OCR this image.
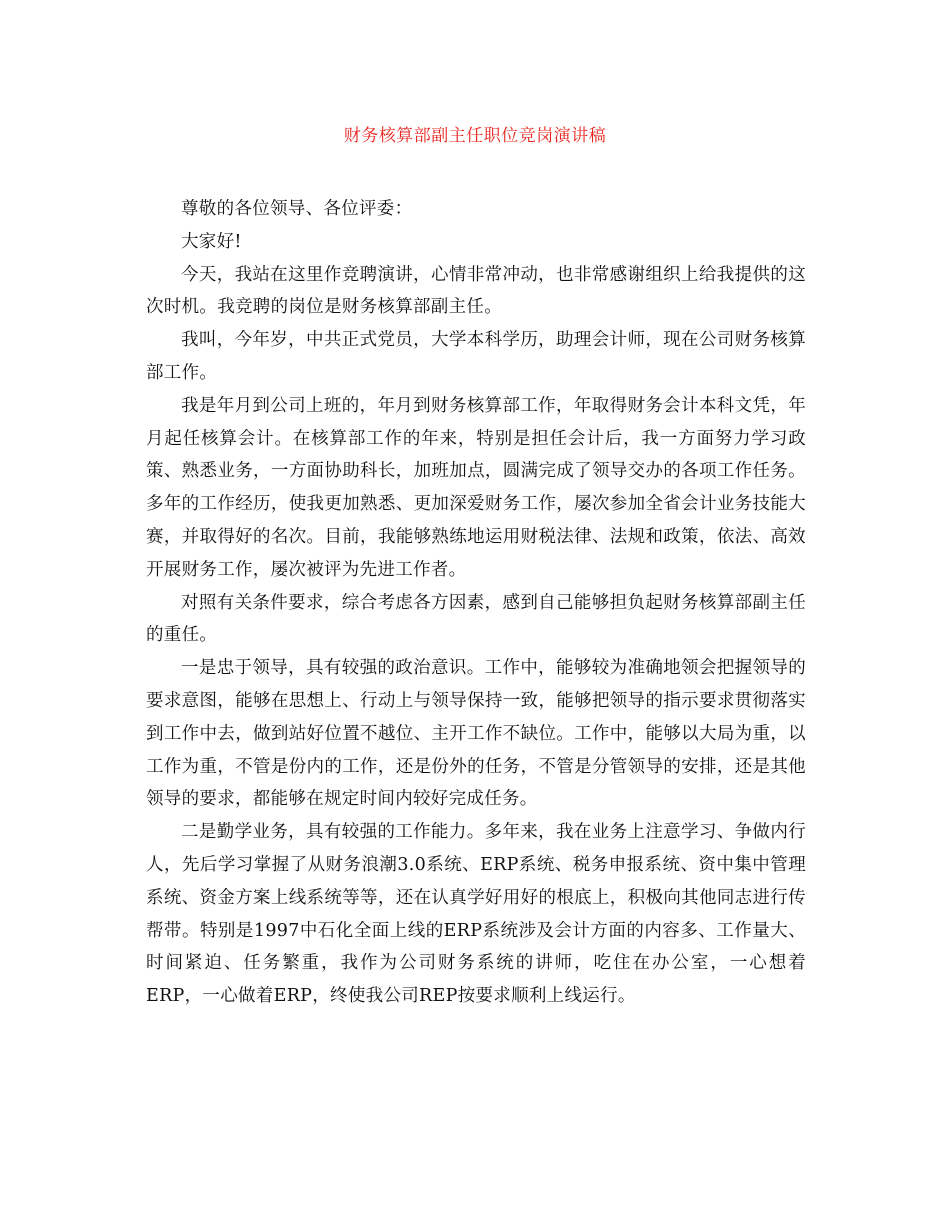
财务核算部副主任职位竞岗演讲稿

尊敬的各位领导、各位评委：

大家好!

今天，我站在这里作竞聘演讲，心情非常冲动，也非常感谢组织上给我提供的这次时机。我竞聘的岗位是财务核算部副主任。

我叫，今年岁，中共正式党员，大学本科学历，助理会计师，现在公司财务核算部工作。

我是年月到公司上班的，年月到财务核算部工作，年取得财务会计本科文凭，年月起任核算会计。在核算部工作的年来，特别是担任会计后，我一方面努力学习政策、熟悉业务，一方面协助科长，加班加点，圆满完成了领导交办的各项工作任务。多年的工作经历，使我更加熟悉、更加深爱财务工作，屡次参加全省会计业务技能大赛，并取得好的名次。目前，我能够熟练地运用财税法律、法规和政策，依法、高效开展财务工作，屡次被评为先进工作者。

对照有关条件要求，综合考虑各方因素，感到自己能够担负起财务核算部副主任的重任。

一是忠于领导，具有较强的政治意识。工作中，能够较为准确地领会把握领导的要求意图，能够在思想上、行动上与领导保持一致，能够把领导的指示要求贯彻落实到工作中去，做到站好位置不越位、主开工作不缺位。工作中，能够以大局为重，以工作为重，不管是份内的工作，还是份外的任务，不管是分管领导的安排，还是其他领导的要求，都能够在规定时间内较好完成任务。

二是勤学业务，具有较强的工作能力。多年来，我在业务上注意学习、争做内行人，先后学习掌握了从财务浪潮3.0系统、ERP系统、税务申报系统、资中集中管理系统、资金方案上线系统等等，还在认真学好用好的根底上，积极向其他同志进行传帮带。特别是1997中石化全面上线的ERP系统涉及会计方面的内容多、工作量大、时间紧迫、任务繁重，我作为公司财务系统的讲师，吃住在办公室，一心想着ERP，一心做着ERP，终使我公司REP按要求顺利上线运行。
